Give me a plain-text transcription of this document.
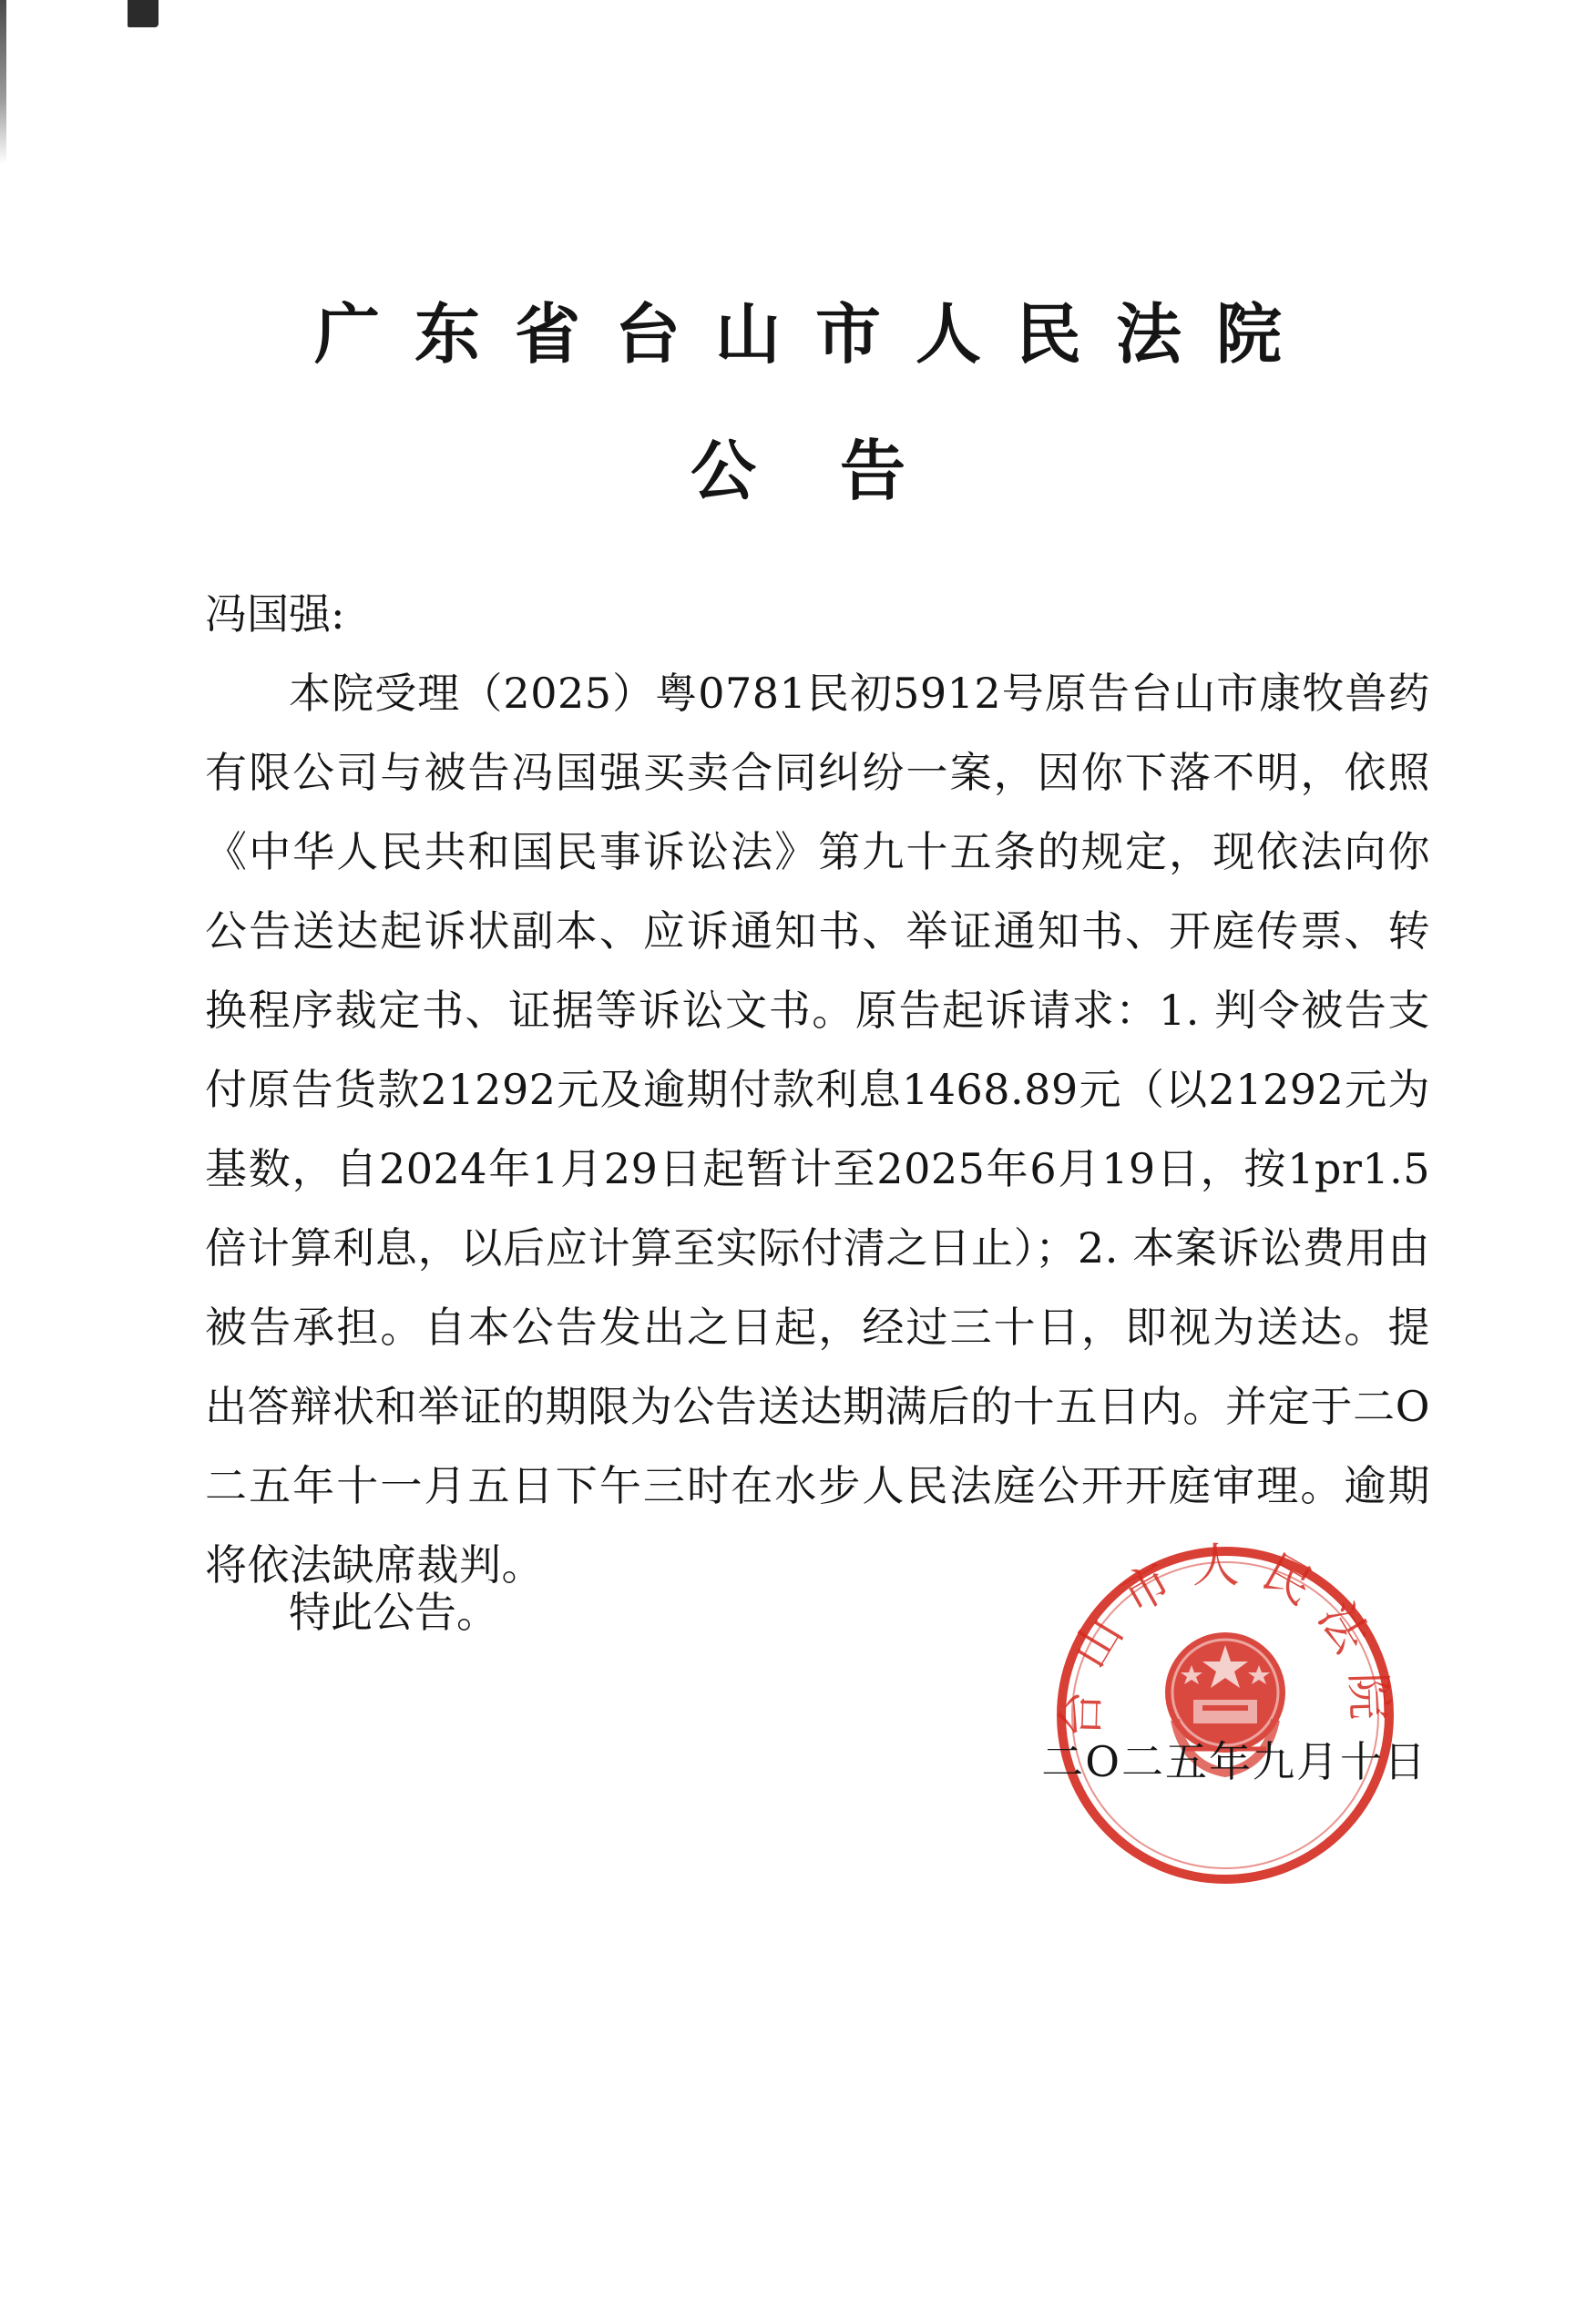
广东省台山市人民法院
公告
冯国强:
本院受理（2025）粤0781民初5912号原告台山市康牧兽药有限公司与被告冯国强买卖合同纠纷一案，因你下落不明，依照《中华人民共和国民事诉讼法》第九十五条的规定，现依法向你公告送达起诉状副本、应诉通知书、举证通知书、开庭传票、转换程序裁定书、证据等诉讼文书。原告起诉请求：1. 判令被告支付原告货款21292元及逾期付款利息1468.89元（以21292元为基数，自2024年1月29日起暂计至2025年6月19日，按1pr1.5倍计算利息，以后应计算至实际付清之日止）；2. 本案诉讼费用由被告承担。自本公告发出之日起，经过三十日，即视为送达。提出答辩状和举证的期限为公告送达期满后的十五日内。并定于二O二五年十一月五日下午三时在水步人民法庭公开开庭审理。逾期将依法缺席裁判。
特此公告。
台山市人民法院
二O二五年九月十日
